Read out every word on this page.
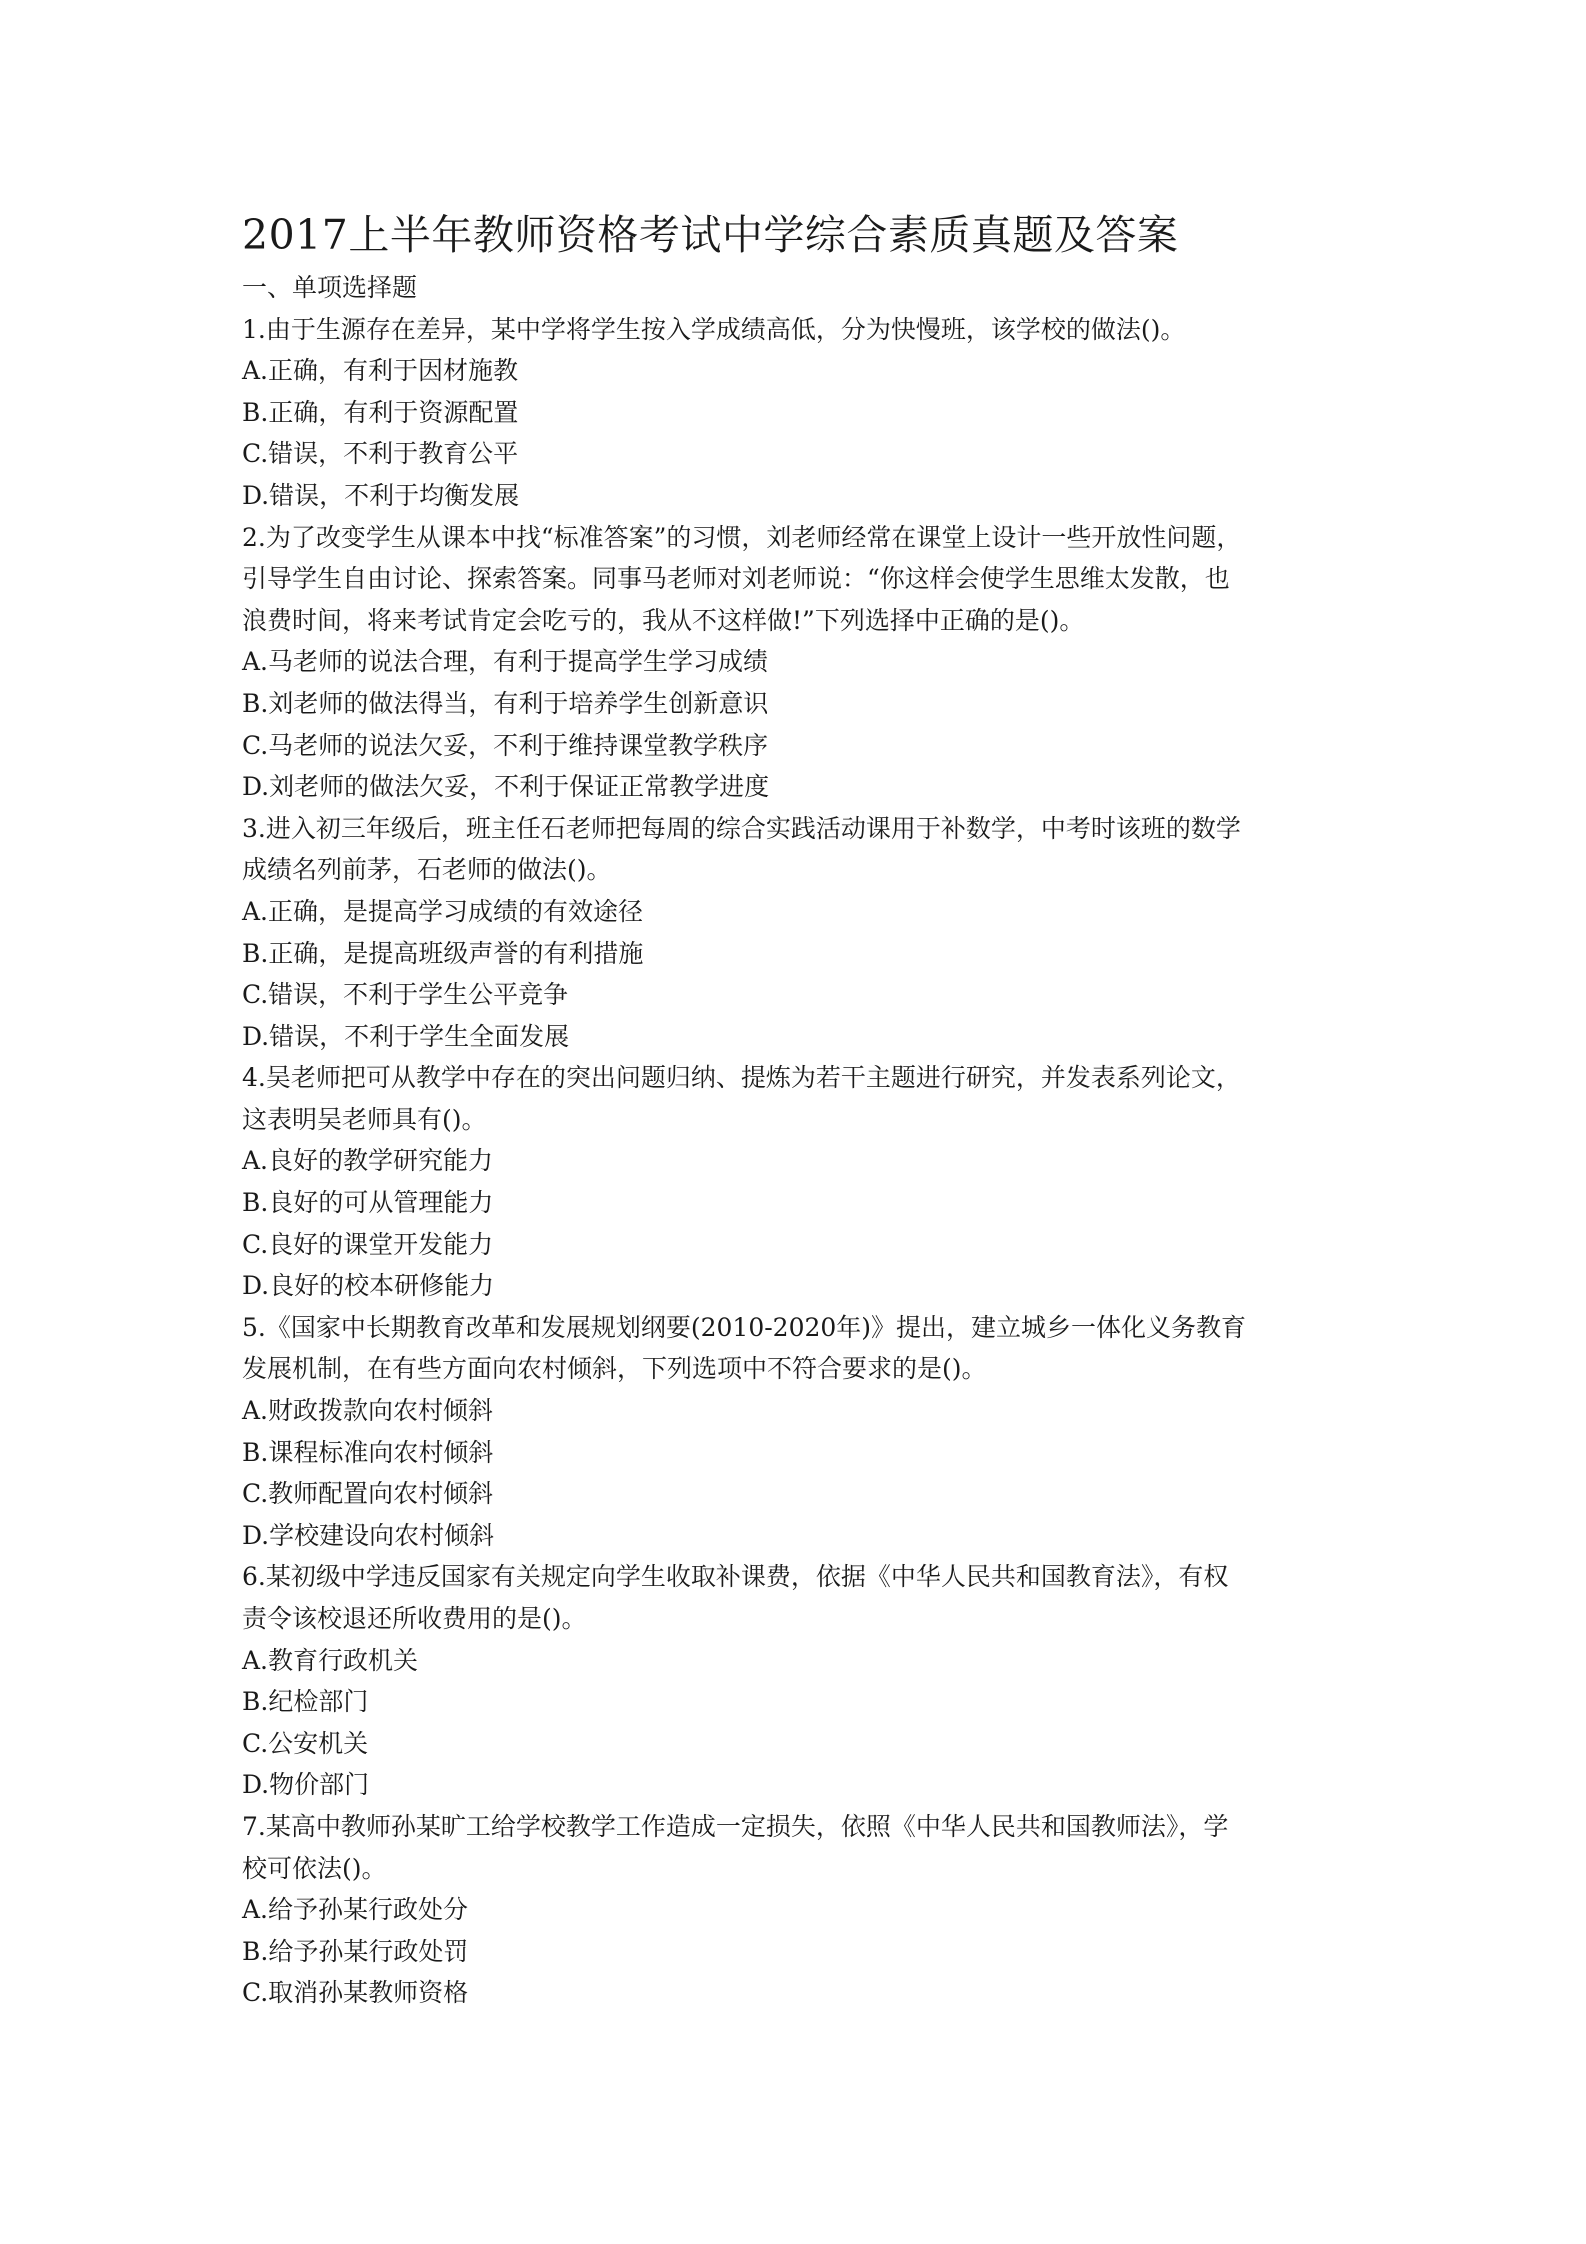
2017上半年教师资格考试中学综合素质真题及答案

一、单项选择题

1.由于生源存在差异，某中学将学生按入学成绩高低，分为快慢班，该学校的做法()。

A.正确，有利于因材施教

B.正确，有利于资源配置

C.错误，不利于教育公平

D.错误，不利于均衡发展

2.为了改变学生从课本中找“标准答案”的习惯，刘老师经常在课堂上设计一些开放性问题，

引导学生自由讨论、探索答案。同事马老师对刘老师说：“你这样会使学生思维太发散，也

浪费时间，将来考试肯定会吃亏的，我从不这样做!”下列选择中正确的是()。

A.马老师的说法合理，有利于提高学生学习成绩

B.刘老师的做法得当，有利于培养学生创新意识

C.马老师的说法欠妥，不利于维持课堂教学秩序

D.刘老师的做法欠妥，不利于保证正常教学进度

3.进入初三年级后，班主任石老师把每周的综合实践活动课用于补数学，中考时该班的数学

成绩名列前茅，石老师的做法()。

A.正确，是提高学习成绩的有效途径

B.正确，是提高班级声誉的有利措施

C.错误，不利于学生公平竞争

D.错误，不利于学生全面发展

4.吴老师把可从教学中存在的突出问题归纳、提炼为若干主题进行研究，并发表系列论文，

这表明吴老师具有()。

A.良好的教学研究能力

B.良好的可从管理能力

C.良好的课堂开发能力

D.良好的校本研修能力

5.《国家中长期教育改革和发展规划纲要(2010-2020年)》提出，建立城乡一体化义务教育

发展机制，在有些方面向农村倾斜，下列选项中不符合要求的是()。

A.财政拨款向农村倾斜

B.课程标准向农村倾斜

C.教师配置向农村倾斜

D.学校建设向农村倾斜

6.某初级中学违反国家有关规定向学生收取补课费，依据《中华人民共和国教育法》，有权

责令该校退还所收费用的是()。

A.教育行政机关

B.纪检部门

C.公安机关

D.物价部门

7.某高中教师孙某旷工给学校教学工作造成一定损失，依照《中华人民共和国教师法》，学

校可依法()。

A.给予孙某行政处分

B.给予孙某行政处罚

C.取消孙某教师资格
